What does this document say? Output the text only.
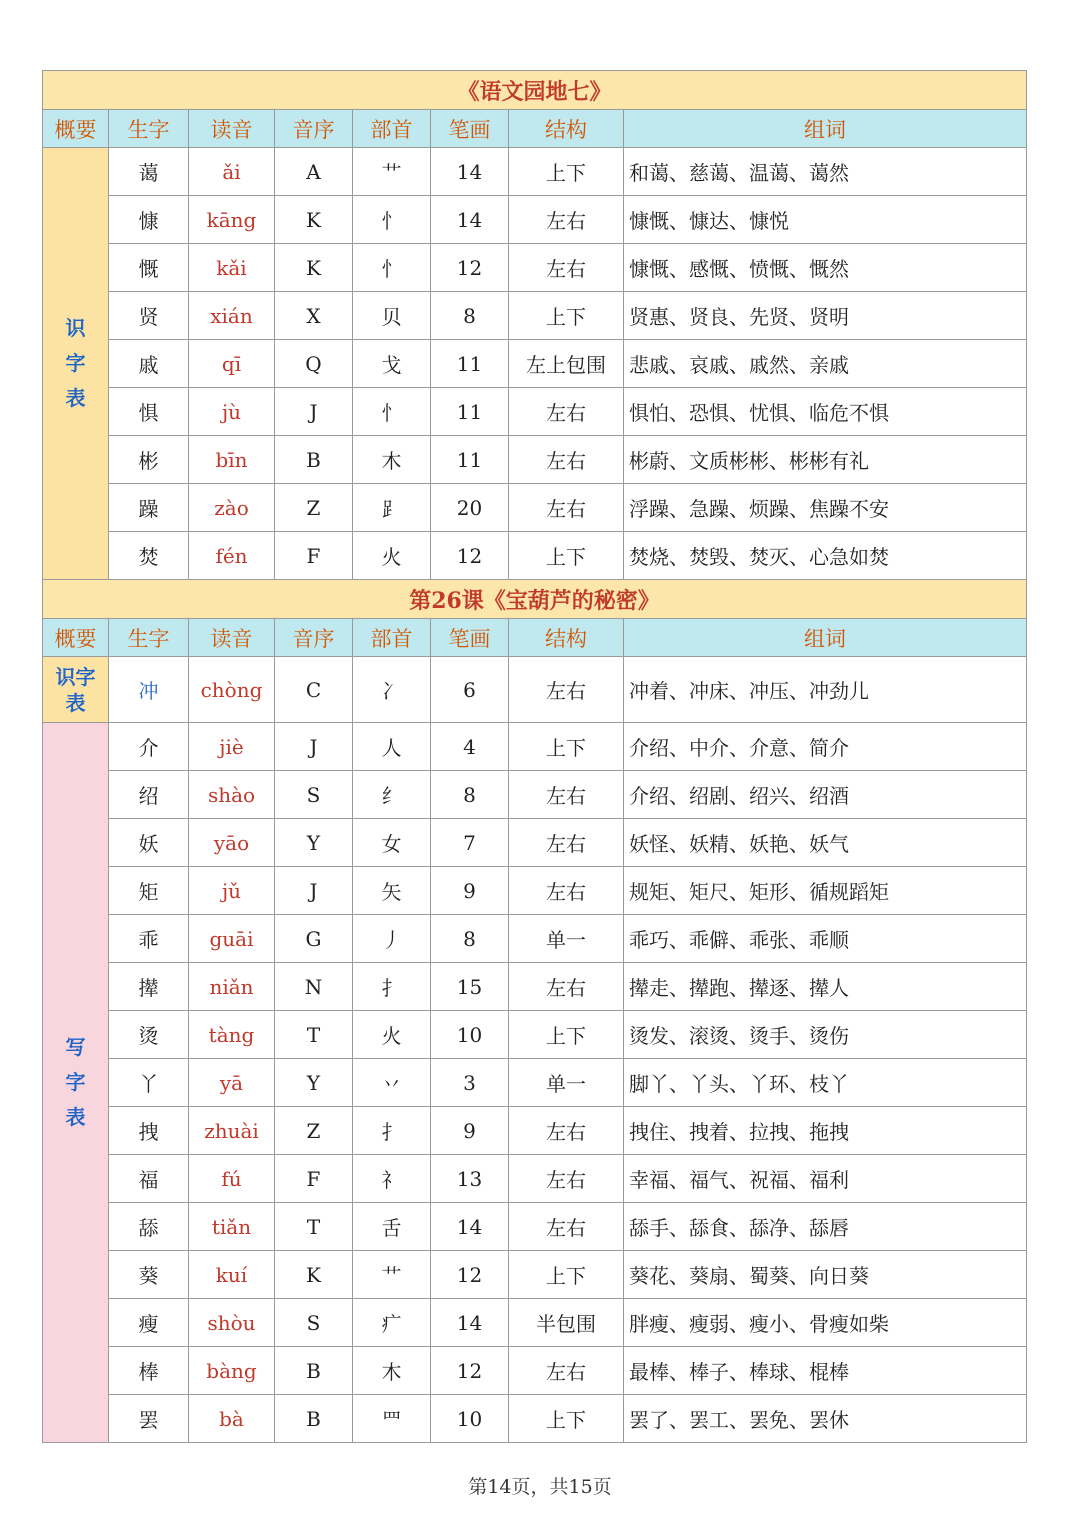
《语文园地七》							
概要	生字	读音	音序	部首	笔画	结构	组词
识字表	蔼	ǎi	A	艹	14	上下	和蔼、慈蔼、温蔼、蔼然
	慷	kāng	K	忄	14	左右	慷慨、慷达、慷悦
	慨	kǎi	K	忄	12	左右	慷慨、感慨、愤慨、慨然
	贤	xián	X	贝	8	上下	贤惠、贤良、先贤、贤明
	戚	qī	Q	戈	11	左上包围	悲戚、哀戚、戚然、亲戚
	惧	jù	J	忄	11	左右	惧怕、恐惧、忧惧、临危不惧
	彬	bīn	B	木	11	左右	彬蔚、文质彬彬、彬彬有礼
	躁	zào	Z	⻊	20	左右	浮躁、急躁、烦躁、焦躁不安
	焚	fén	F	火	12	上下	焚烧、焚毁、焚灭、心急如焚
第26课《宝葫芦的秘密》							
概要	生字	读音	音序	部首	笔画	结构	组词
识字表	冲	chòng	C	冫	6	左右	冲着、冲床、冲压、冲劲儿
写字表	介	jiè	J	人	4	上下	介绍、中介、介意、简介
	绍	shào	S	纟	8	左右	介绍、绍剧、绍兴、绍酒
	妖	yāo	Y	女	7	左右	妖怪、妖精、妖艳、妖气
	矩	jǔ	J	矢	9	左右	规矩、矩尺、矩形、循规蹈矩
	乖	guāi	G	丿	8	单一	乖巧、乖僻、乖张、乖顺
	撵	niǎn	N	扌	15	左右	撵走、撵跑、撵逐、撵人
	烫	tàng	T	火	10	上下	烫发、滚烫、烫手、烫伤
	丫	yā	Y	丷	3	单一	脚丫、丫头、丫环、枝丫
	拽	zhuài	Z	扌	9	左右	拽住、拽着、拉拽、拖拽
	福	fú	F	礻	13	左右	幸福、福气、祝福、福利
	舔	tiǎn	T	舌	14	左右	舔手、舔食、舔净、舔唇
	葵	kuí	K	艹	12	上下	葵花、葵扇、蜀葵、向日葵
	瘦	shòu	S	疒	14	半包围	胖瘦、瘦弱、瘦小、骨瘦如柴
	棒	bàng	B	木	12	左右	最棒、棒子、棒球、棍棒
	罢	bà	B	罒	10	上下	罢了、罢工、罢免、罢休
第14页，共15页
